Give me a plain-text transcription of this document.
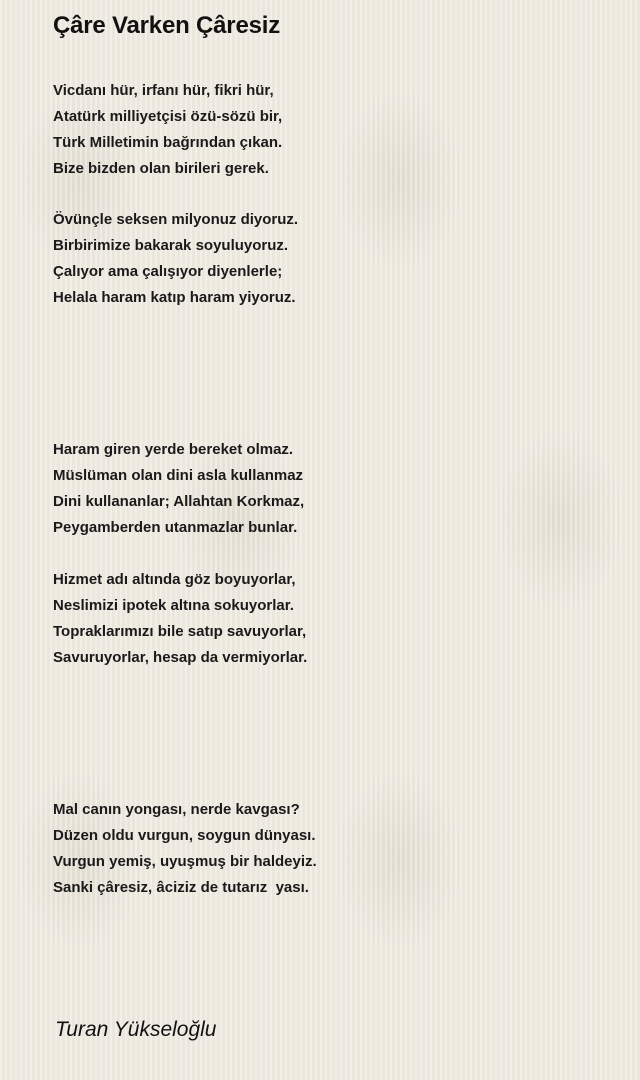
Çâre Varken Çâresiz
Vicdanı hür, irfanı hür, fikri hür,
Atatürk milliyetçisi özü-sözü bir,
Türk Milletimin bağrından çıkan.
Bize bizden olan birileri gerek.
Övünçle seksen milyonuz diyoruz.
Birbirimize bakarak soyuluyoruz.
Çalıyor ama çalışıyor diyenlerle;
Helala haram katıp haram yiyoruz.
Haram giren yerde bereket olmaz.
Müslüman olan dini asla kullanmaz
Dini kullananlar; Allahtan Korkmaz,
Peygamberden utanmazlar bunlar.
Hizmet adı altında göz boyuyorlar,
Neslimizi ipotek altına sokuyorlar.
Topraklarımızı bile satıp savuyorlar,
Savuruyorlar, hesap da vermiyorlar.
Mal canın yongası, nerde kavgası?
Düzen oldu vurgun, soygun dünyası.
Vurgun yemiş, uyuşmuş bir haldeyiz.
Sanki çâresiz, âciziz de tutarız  yası.

Turan Yükseloğlu
